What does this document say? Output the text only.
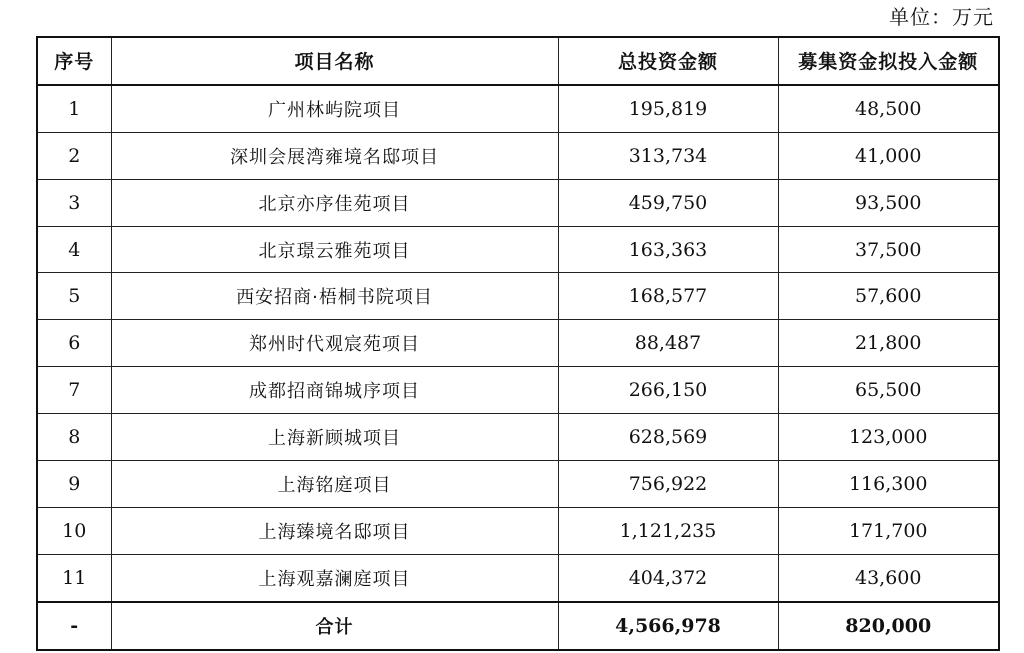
单位：万元
序号	项目名称	总投资金额	募集资金拟投入金额
1	广州林屿院项目	195,819	48,500
2	深圳会展湾雍境名邸项目	313,734	41,000
3	北京亦序佳苑项目	459,750	93,500
4	北京璟云雅苑项目	163,363	37,500
5	西安招商·梧桐书院项目	168,577	57,600
6	郑州时代观宸苑项目	88,487	21,800
7	成都招商锦城序项目	266,150	65,500
8	上海新顾城项目	628,569	123,000
9	上海铭庭项目	756,922	116,300
10	上海臻境名邸项目	1,121,235	171,700
11	上海观嘉澜庭项目	404,372	43,600
-	合计	4,566,978	820,000
